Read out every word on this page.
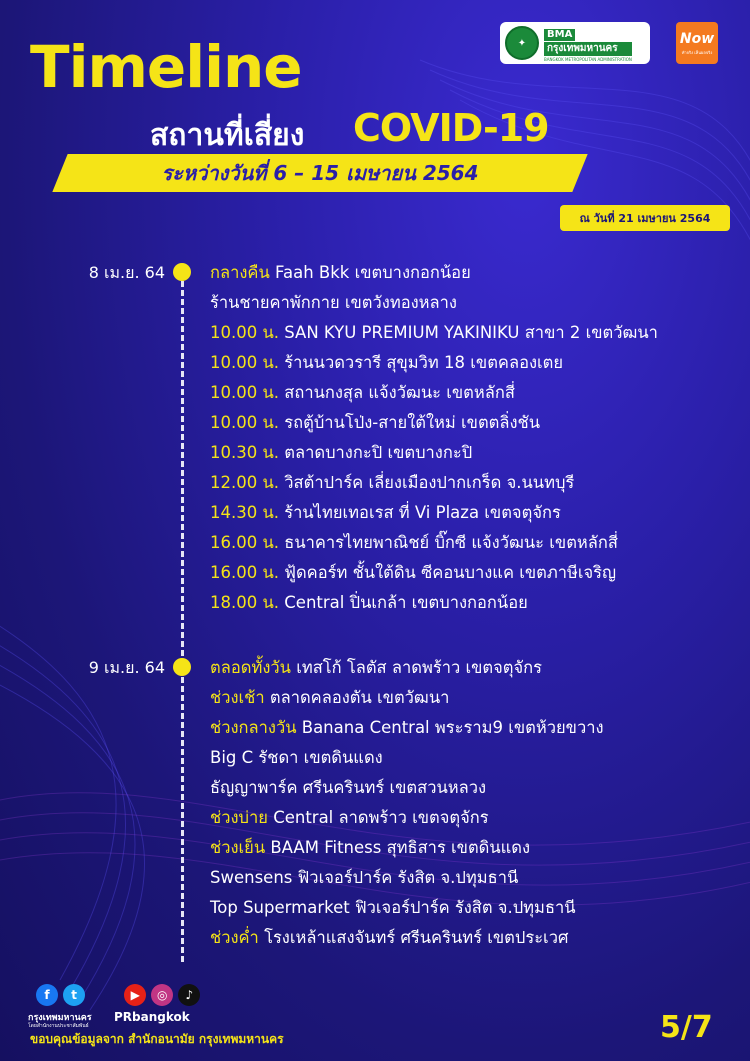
✦
BMA
กรุงเทพมหานคร
BANGKOK METROPOLITAN ADMINISTRATION
Now
ทำจริง เห็นผลจริง
Timeline
สถานที่เสี่ยง COVID-19
ระหว่างวันที่ 6 – 15 เมษายน 2564
ณ วันที่ 21 เมษายน 2564
8 เม.ย. 64	กลางคืน Faah Bkk เขตบางกอกน้อย
ร้านชายคาพักกาย เขตวังทองหลาง
10.00 น. SAN KYU PREMIUM YAKINIKU สาขา 2 เขตวัฒนา
10.00 น. ร้านนวดวรารี สุขุมวิท 18 เขตคลองเตย
10.00 น. สถานกงสุล แจ้งวัฒนะ เขตหลักสี่
10.00 น. รถตู้บ้านโป่ง-สายใต้ใหม่ เขตตลิ่งชัน
10.30 น. ตลาดบางกะปิ เขตบางกะปิ
12.00 น. วิสต้าปาร์ค เลี่ยงเมืองปากเกร็ด จ.นนทบุรี
14.30 น. ร้านไทยเทอเรส ที่ Vi Plaza เขตจตุจักร
16.00 น. ธนาคารไทยพาณิชย์ บิ๊กซี แจ้งวัฒนะ เขตหลักสี่
16.00 น. ฟู้ดคอร์ท ชั้นใต้ดิน ซีคอนบางแค เขตภาษีเจริญ
18.00 น. Central ปิ่นเกล้า เขตบางกอกน้อย
9 เม.ย. 64	ตลอดทั้งวัน เทสโก้ โลตัส ลาดพร้าว เขตจตุจักร
ช่วงเช้า ตลาดคลองตัน เขตวัฒนา
ช่วงกลางวัน Banana Central พระราม9 เขตห้วยขวาง
Big C รัชดา เขตดินแดง
ธัญญาพาร์ค ศรีนครินทร์ เขตสวนหลวง
ช่วงบ่าย Central ลาดพร้าว เขตจตุจักร
ช่วงเย็น BAAM Fitness สุทธิสาร เขตดินแดง
Swensens ฟิวเจอร์ปาร์ค รังสิต จ.ปทุมธานี
Top Supermarket ฟิวเจอร์ปาร์ค รังสิต จ.ปทุมธานี
ช่วงค่ำ โรงเหล้าแสงจันทร์ ศรีนครินทร์ เขตประเวศ
f t	▶ ◎ ♪
กรุงเทพมหานคร
โดยสำนักงานประชาสัมพันธ์
PRbangkok
ขอบคุณข้อมูลจาก สำนักอนามัย กรุงเทพมหานคร	5/7
